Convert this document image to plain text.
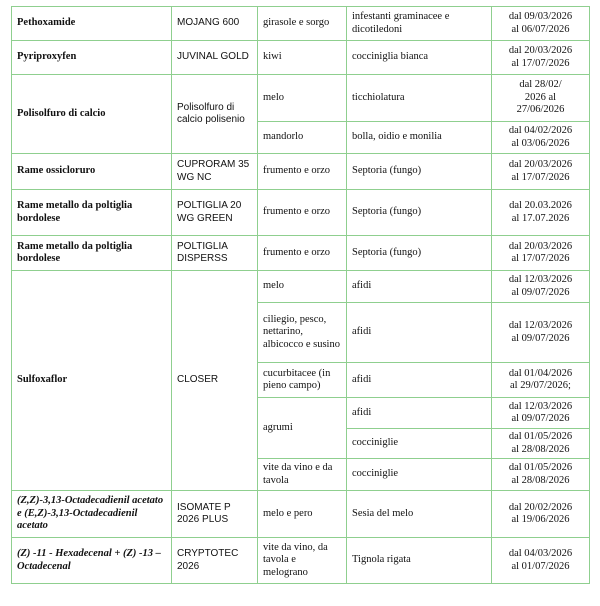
Pethoxamide	MOJANG 600	girasole e sorgo	infestanti graminacee e dicotiledoni	dal 09/03/2026
al 06/07/2026

Pyriproxyfen	JUVINAL GOLD	kiwi	cocciniglia bianca	dal 20/03/2026
al 17/07/2026

Polisolfuro di calcio	Polisolfuro di calcio polisenio	melo	ticchiolatura	dal 28/02/
2026 al
27/06/2026

		mandorlo	bolla, oidio e monilia	dal 04/02/2026
al 03/06/2026

Rame ossicloruro	CUPRORAM 35 WG NC	frumento e orzo	Septoria (fungo)	dal 20/03/2026
al 17/07/2026

Rame metallo da poltiglia bordolese	POLTIGLIA 20 WG GREEN	frumento e orzo	Septoria (fungo)	dal 20.03.2026
al 17.07.2026

Rame metallo da poltiglia bordolese	POLTIGLIA DISPERSS	frumento e orzo	Septoria (fungo)	dal 20/03/2026
al 17/07/2026

Sulfoxaflor	CLOSER	melo	afidi	dal 12/03/2026
al 09/07/2026

		ciliegio, pesco, nettarino, albicocco e susino	afidi	dal 12/03/2026
al 09/07/2026

		cucurbitacee (in pieno campo)	afidi	dal 01/04/2026
al 29/07/2026;

		agrumi	afidi	dal 12/03/2026
al 09/07/2026

			cocciniglie	dal 01/05/2026
al 28/08/2026

		vite da vino e da tavola	cocciniglie	dal 01/05/2026
al 28/08/2026

(Z,Z)-3,13-Octadecadienil acetato e (E,Z)-3,13-Octadecadienil acetato	ISOMATE P 2026 PLUS	melo e pero	Sesia del melo	dal 20/02/2026
al 19/06/2026

(Z) -11 - Hexadecenal + (Z) -13 – Octadecenal	CRYPTOTEC 2026	vite da vino, da tavola e melograno	Tignola rigata	dal 04/03/2026
al 01/07/2026
